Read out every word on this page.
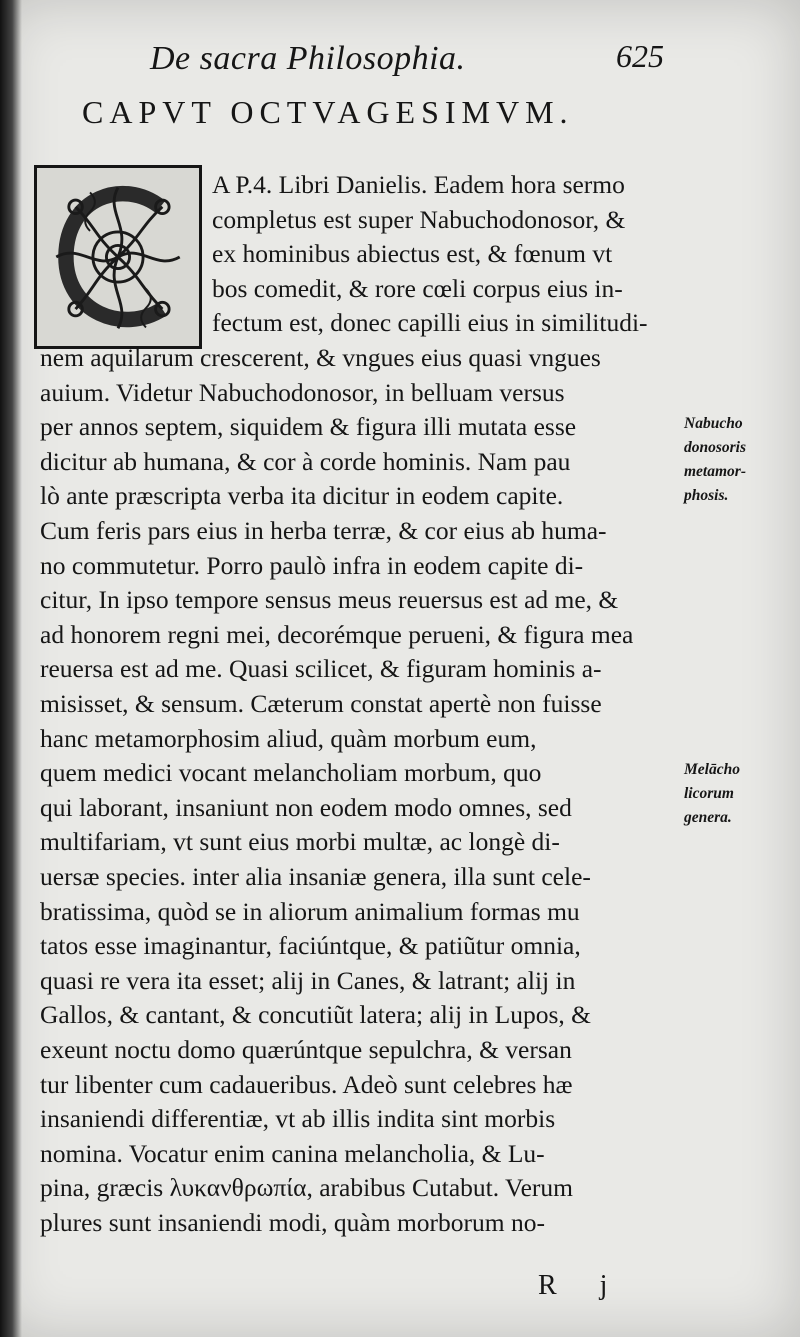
De sacra Philosophia.	625
CAPVT OCTVAGESIMVM.
A P.4. Libri Danielis. Eadem hora sermo
completus est super Nabuchodonosor, &
ex hominibus abiectus est, & fœnum vt
bos comedit, & rore cœli corpus eius in-
fectum est, donec capilli eius in similitudi-
nem aquilarum crescerent, & vngues eius quasi vngues
auium. Videtur Nabuchodonosor, in belluam versus
per annos septem, siquidem & figura illi mutata esse
dicitur ab humana, & cor à corde hominis. Nam pau
lò ante præscripta verba ita dicitur in eodem capite.
Cum feris pars eius in herba terræ, & cor eius ab huma-
no commutetur. Porro paulò infra in eodem capite di-
citur, In ipso tempore sensus meus reuersus est ad me, &
ad honorem regni mei, decorémque perueni, & figura mea
reuersa est ad me. Quasi scilicet, & figuram hominis a-
misisset, & sensum. Cæterum constat apertè non fuisse
hanc metamorphosim aliud, quàm morbum eum,
quem medici vocant melancholiam morbum, quo
qui laborant, insaniunt non eodem modo omnes, sed
multifariam, vt sunt eius morbi multæ, ac longè di-
uersæ species. inter alia insaniæ genera, illa sunt cele-
bratissima, quòd se in aliorum animalium formas mu
tatos esse imaginantur, faciúntque, & patiũtur omnia,
quasi re vera ita esset; alij in Canes, & latrant; alij in
Gallos, & cantant, & concutiũt latera; alij in Lupos, &
exeunt noctu domo quærúntque sepulchra, & versan
tur libenter cum cadaueribus. Adeò sunt celebres hæ
insaniendi differentiæ, vt ab illis indita sint morbis
nomina. Vocatur enim canina melancholia, & Lu-
pina, græcis λυκανθρωπία, arabibus Cutabut. Verum
plures sunt insaniendi modi, quàm morborum no-
Nabucho
donosoris
metamor-
phosis.
Melācho
licorum
genera.
R j
